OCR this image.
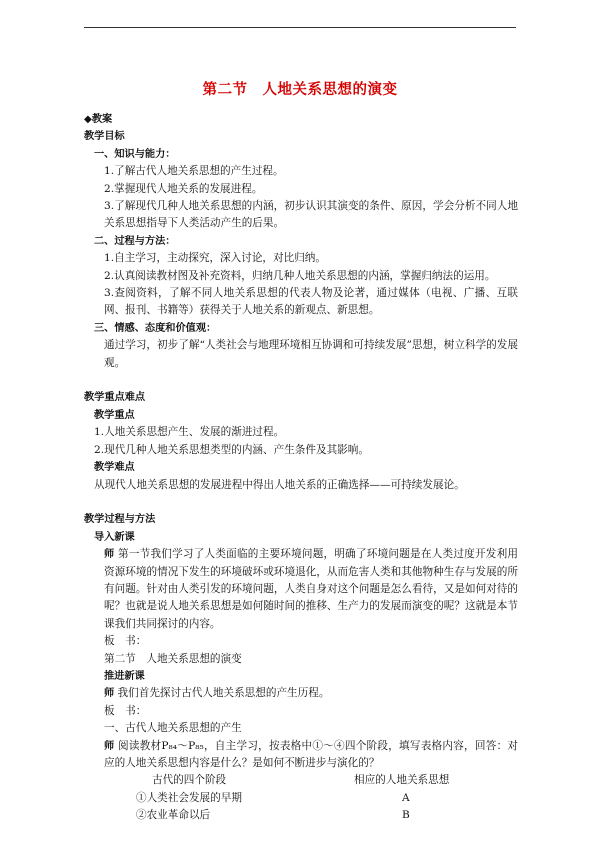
第二节　人地关系思想的演变

◆教案

教学目标

一、知识与能力：

1.了解古代人地关系思想的产生过程。

2.掌握现代人地关系的发展进程。

3.了解现代几种人地关系思想的内涵，初步认识其演变的条件、原因，学会分析不同人地关系思想指导下人类活动产生的后果。

二、过程与方法：

1.自主学习，主动探究，深入讨论，对比归纳。

2.认真阅读教材图及补充资料，归纳几种人地关系思想的内涵，掌握归纳法的运用。

3.查阅资料，了解不同人地关系思想的代表人物及论著，通过媒体（电视、广播、互联网、报刊、书籍等）获得关于人地关系的新观点、新思想。

三、情感、态度和价值观：

通过学习，初步了解“人类社会与地理环境相互协调和可持续发展”思想，树立科学的发展观。

教学重点难点

教学重点

1.人地关系思想产生、发展的渐进过程。

2.现代几种人地关系思想类型的内涵、产生条件及其影响。

教学难点

从现代人地关系思想的发展进程中得出人地关系的正确选择——可持续发展论。

教学过程与方法

导入新课

师 第一节我们学习了人类面临的主要环境问题，明确了环境问题是在人类过度开发利用资源环境的情况下发生的环境破坏或环境退化，从而危害人类和其他物种生存与发展的所有问题。针对由人类引发的环境问题，人类自身对这个问题是怎么看待，又是如何对待的呢？也就是说人地关系思想是如何随时间的推移、生产力的发展而演变的呢？这就是本节课我们共同探讨的内容。

板　书：

第二节　人地关系思想的演变

推进新课

师 我们首先探讨古代人地关系思想的产生历程。

板　书：

一、古代人地关系思想的产生

师 阅读教材P₈₄～P₈₅，自主学习，按表格中①～④四个阶段，填写表格内容，回答：对应的人地关系思想内容是什么？是如何不断进步与演化的？

古代的四个阶段	相应的人地关系思想
①人类社会发展的早期	A
②农业革命以后	B
